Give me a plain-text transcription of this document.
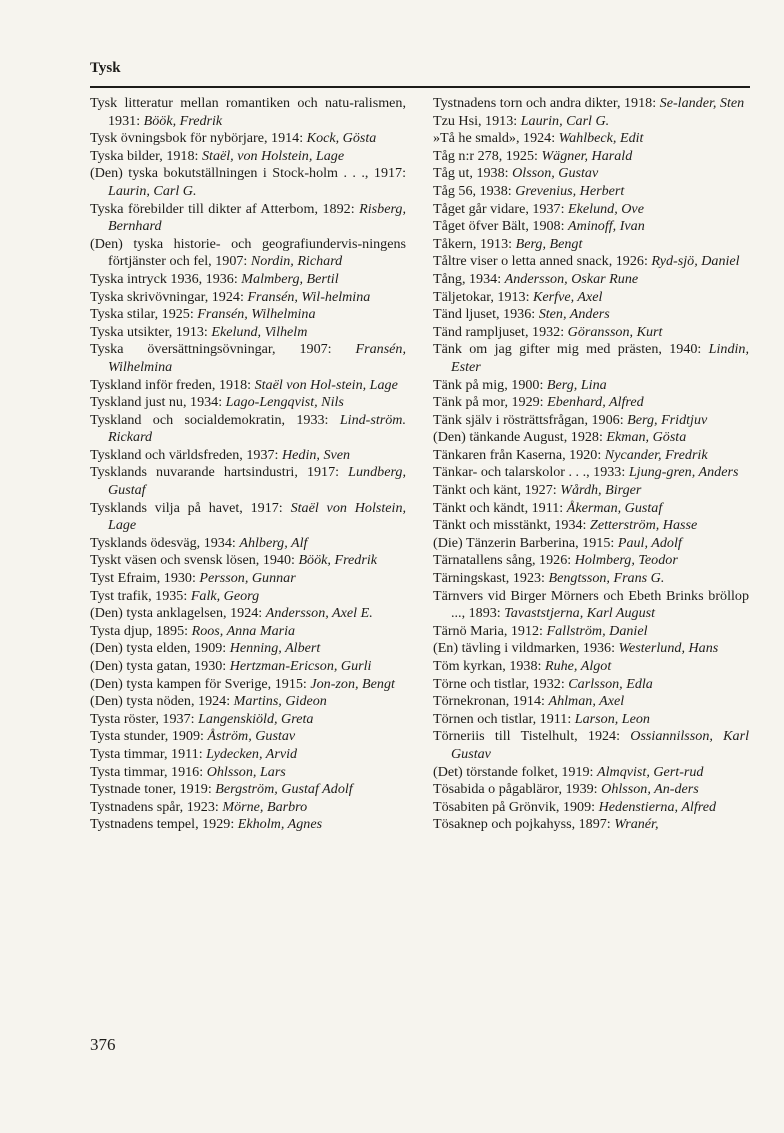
Tysk
Tysk litteratur mellan romantiken och natu-ralismen, 1931: Böök, Fredrik
Tysk övningsbok för nybörjare, 1914: Kock, Gösta
Tyska bilder, 1918: Staël, von Holstein, Lage
(Den) tyska bokutställningen i Stock-holm . . ., 1917: Laurin, Carl G.
Tyska förebilder till dikter af Atterbom, 1892: Risberg, Bernhard
(Den) tyska historie- och geografiundervis-ningens förtjänster och fel, 1907: Nordin, Richard
Tyska intryck 1936, 1936: Malmberg, Bertil
Tyska skrivövningar, 1924: Fransén, Wil-helmina
Tyska stilar, 1925: Fransén, Wilhelmina
Tyska utsikter, 1913: Ekelund, Vilhelm
Tyska översättningsövningar, 1907: Fransén, Wilhelmina
Tyskland inför freden, 1918: Staël von Hol-stein, Lage
Tyskland just nu, 1934: Lago-Lengqvist, Nils
Tyskland och socialdemokratin, 1933: Lind-ström. Rickard
Tyskland och världsfreden, 1937: Hedin, Sven
Tysklands nuvarande hartsindustri, 1917: Lundberg, Gustaf
Tysklands vilja på havet, 1917: Staël von Holstein, Lage
Tysklands ödesväg, 1934: Ahlberg, Alf
Tyskt väsen och svensk lösen, 1940: Böök, Fredrik
Tyst Efraim, 1930: Persson, Gunnar
Tyst trafik, 1935: Falk, Georg
(Den) tysta anklagelsen, 1924: Andersson, Axel E.
Tysta djup, 1895: Roos, Anna Maria
(Den) tysta elden, 1909: Henning, Albert
(Den) tysta gatan, 1930: Hertzman-Ericson, Gurli
(Den) tysta kampen för Sverige, 1915: Jon-zon, Bengt
(Den) tysta nöden, 1924: Martins, Gideon
Tysta röster, 1937: Langenskiöld, Greta
Tysta stunder, 1909: Åström, Gustav
Tysta timmar, 1911: Lydecken, Arvid
Tysta timmar, 1916: Ohlsson, Lars
Tystnade toner, 1919: Bergström, Gustaf Adolf
Tystnadens spår, 1923: Mörne, Barbro
Tystnadens tempel, 1929: Ekholm, Agnes
Tystnadens torn och andra dikter, 1918: Se-lander, Sten
Tzu Hsi, 1913: Laurin, Carl G.
»Tå he smald», 1924: Wahlbeck, Edit
Tåg n:r 278, 1925: Wägner, Harald
Tåg ut, 1938: Olsson, Gustav
Tåg 56, 1938: Grevenius, Herbert
Tåget går vidare, 1937: Ekelund, Ove
Tåget öfver Bält, 1908: Aminoff, Ivan
Tåkern, 1913: Berg, Bengt
Tåltre viser o letta anned snack, 1926: Ryd-sjö, Daniel
Tång, 1934: Andersson, Oskar Rune
Täljetokar, 1913: Kerfve, Axel
Tänd ljuset, 1936: Sten, Anders
Tänd rampljuset, 1932: Göransson, Kurt
Tänk om jag gifter mig med prästen, 1940: Lindin, Ester
Tänk på mig, 1900: Berg, Lina
Tänk på mor, 1929: Ebenhard, Alfred
Tänk själv i rösträttsfrågan, 1906: Berg, Fridtjuv
(Den) tänkande August, 1928: Ekman, Gösta
Tänkaren från Kaserna, 1920: Nycander, Fredrik
Tänkar- och talarskolor . . ., 1933: Ljung-gren, Anders
Tänkt och känt, 1927: Wårdh, Birger
Tänkt och kändt, 1911: Åkerman, Gustaf
Tänkt och misstänkt, 1934: Zetterström, Hasse
(Die) Tänzerin Barberina, 1915: Paul, Adolf
Tärnatallens sång, 1926: Holmberg, Teodor
Tärningskast, 1923: Bengtsson, Frans G.
Tärnvers vid Birger Mörners och Ebeth Brinks bröllop ..., 1893: Tavaststjerna, Karl August
Tärnö Maria, 1912: Fallström, Daniel
(En) tävling i vildmarken, 1936: Westerlund, Hans
Töm kyrkan, 1938: Ruhe, Algot
Törne och tistlar, 1932: Carlsson, Edla
Törnekronan, 1914: Ahlman, Axel
Törnen och tistlar, 1911: Larson, Leon
Törneriis till Tistelhult, 1924: Ossiannilsson, Karl Gustav
(Det) törstande folket, 1919: Almqvist, Gert-rud
Tösabida o pågabläror, 1939: Ohlsson, An-ders
Tösabiten på Grönvik, 1909: Hedenstierna, Alfred
Tösaknep och pojkahyss, 1897: Wranér,
376
